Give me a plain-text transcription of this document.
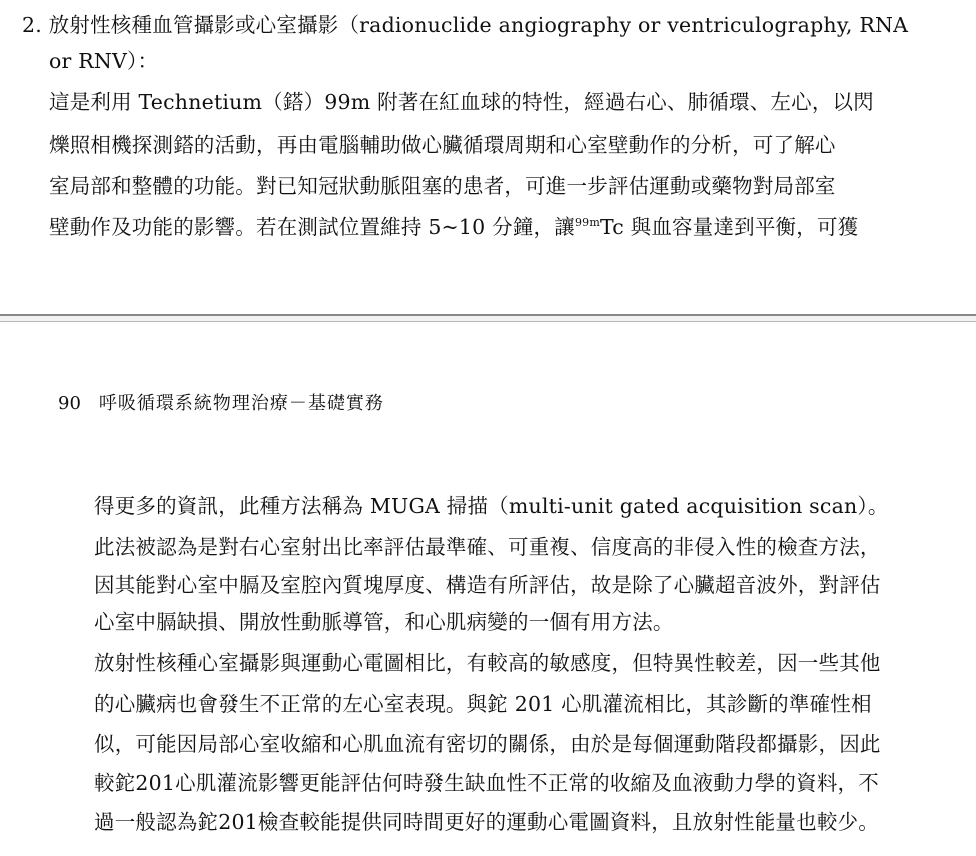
2. 放射性核種血管攝影或心室攝影（radionuclide angiography or ventriculography, RNA
or RNV）：
這是利用 Technetium（鎝）99m 附著在紅血球的特性，經過右心、肺循環、左心，以閃
爍照相機探測鎝的活動，再由電腦輔助做心臟循環周期和心室壁動作的分析，可了解心
室局部和整體的功能。對已知冠狀動脈阻塞的患者，可進一步評估運動或藥物對局部室
壁動作及功能的影響。若在測試位置維持 5~10 分鐘，讓$^{99m}$Tc 與血容量達到平衡，可獲
90 呼吸循環系統物理治療－基礎實務
得更多的資訊，此種方法稱為 MUGA 掃描（multi-unit gated acquisition scan）。
此法被認為是對右心室射出比率評估最準確、可重複、信度高的非侵入性的檢查方法，
因其能對心室中膈及室腔內質塊厚度、構造有所評估，故是除了心臟超音波外，對評估
心室中膈缺損、開放性動脈導管，和心肌病變的一個有用方法。
放射性核種心室攝影與運動心電圖相比，有較高的敏感度，但特異性較差，因一些其他
的心臟病也會發生不正常的左心室表現。與鉈 201 心肌灌流相比，其診斷的準確性相
似，可能因局部心室收縮和心肌血流有密切的關係，由於是每個運動階段都攝影，因此
較鉈201心肌灌流影響更能評估何時發生缺血性不正常的收縮及血液動力學的資料，不
過一般認為鉈201檢查較能提供同時間更好的運動心電圖資料，且放射性能量也較少。
